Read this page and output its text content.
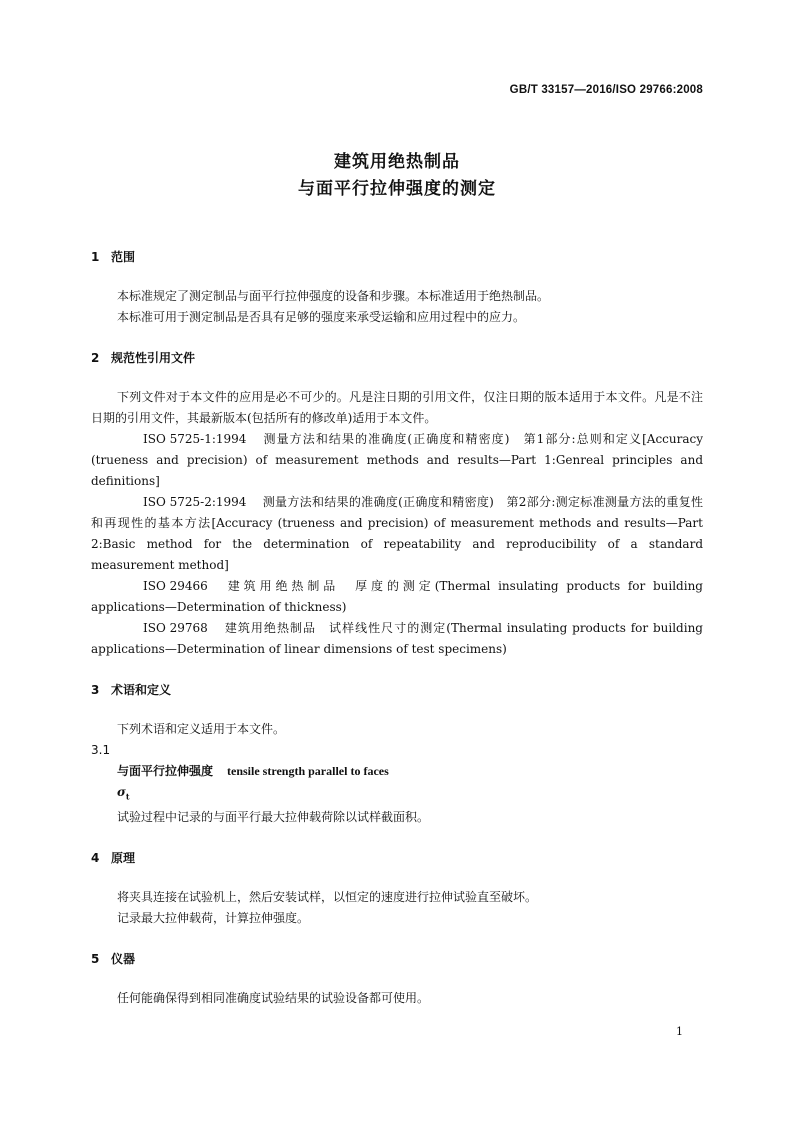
GB/T 33157—2016/ISO 29766:2008
建筑用绝热制品
与面平行拉伸强度的测定
1 范围

本标准规定了测定制品与面平行拉伸强度的设备和步骤。本标准适用于绝热制品。

本标准可用于测定制品是否具有足够的强度来承受运输和应用过程中的应力。

2 规范性引用文件

下列文件对于本文件的应用是必不可少的。凡是注日期的引用文件，仅注日期的版本适用于本文件。凡是不注日期的引用文件，其最新版本(包括所有的修改单)适用于本文件。

ISO 5725-1:1994 测量方法和结果的准确度(正确度和精密度)　第1部分:总则和定义[Accuracy (trueness and precision) of measurement methods and results—Part 1:Genreal principles and definitions]

ISO 5725-2:1994 测量方法和结果的准确度(正确度和精密度)　第2部分:测定标准测量方法的重复性和再现性的基本方法[Accuracy (trueness and precision) of measurement methods and results—Part 2:Basic method for the determination of repeatability and reproducibility of a standard measurement method]

ISO 29466 建筑用绝热制品　厚度的测定(Thermal insulating products for building applications—Determination of thickness)

ISO 29768 建筑用绝热制品　试样线性尺寸的测定(Thermal insulating products for building applications—Determination of linear dimensions of test specimens)

3 术语和定义

下列术语和定义适用于本文件。

3.1

与面平行拉伸强度 tensile strength parallel to faces

$\sigma_t$

试验过程中记录的与面平行最大拉伸载荷除以试样截面积。

4 原理

将夹具连接在试验机上，然后安装试样，以恒定的速度进行拉伸试验直至破坏。

记录最大拉伸载荷，计算拉伸强度。

5 仪器

任何能确保得到相同准确度试验结果的试验设备都可使用。

1
